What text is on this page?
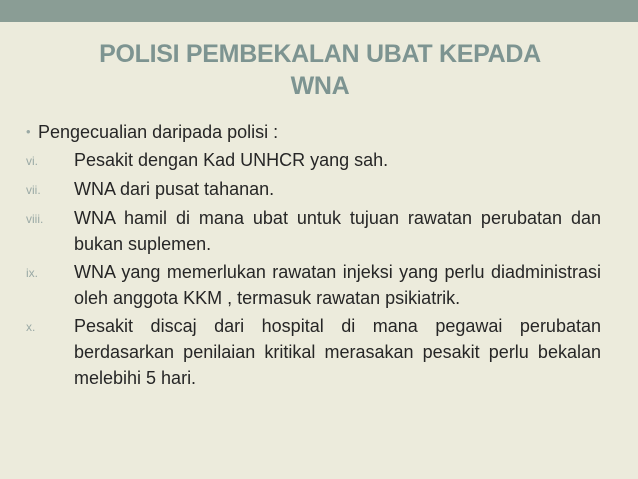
POLISI PEMBEKALAN UBAT KEPADA
WNA
• Pengecualian daripada polisi :
vi.	Pesakit dengan Kad UNHCR yang sah.
vii.	WNA dari pusat tahanan.
viii.	WNA hamil di mana ubat untuk tujuan rawatan perubatan dan bukan suplemen.
ix.	WNA yang memerlukan rawatan injeksi yang perlu diadministrasi oleh anggota KKM , termasuk rawatan psikiatrik.
x.	Pesakit discaj dari hospital di mana pegawai perubatan berdasarkan penilaian kritikal merasakan pesakit perlu bekalan melebihi 5 hari.
